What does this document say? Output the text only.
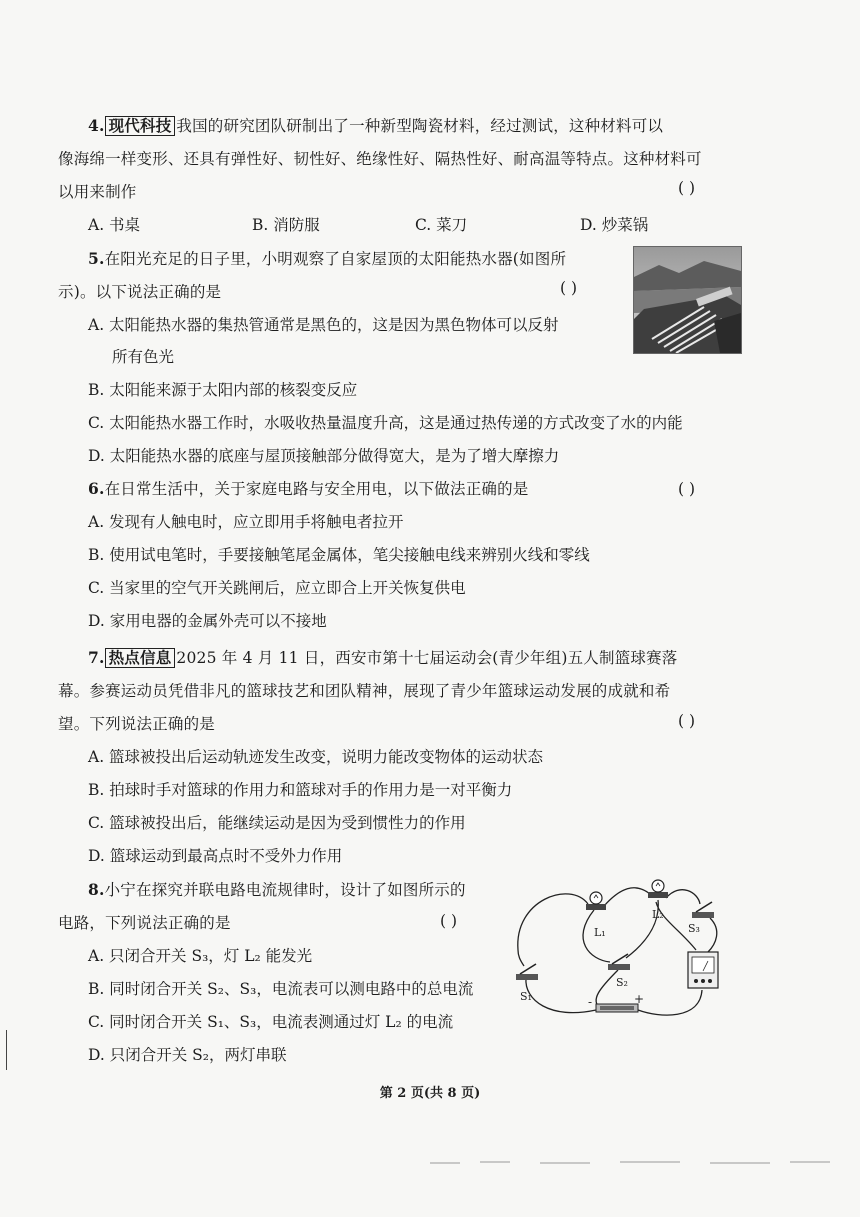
4. 现代科技 我国的研究团队研制出了一种新型陶瓷材料，经过测试，这种材料可以
像海绵一样变形、还具有弹性好、韧性好、绝缘性好、隔热性好、耐高温等特点。这种材料可
以用来制作	( )
A. 书桌	B. 消防服	C. 菜刀	D. 炒菜锅
5.在阳光充足的日子里，小明观察了自家屋顶的太阳能热水器(如图所
示)。以下说法正确的是	( )
A. 太阳能热水器的集热管通常是黑色的，这是因为黑色物体可以反射
所有色光
B. 太阳能来源于太阳内部的核裂变反应
C. 太阳能热水器工作时，水吸收热量温度升高，这是通过热传递的方式改变了水的内能
D. 太阳能热水器的底座与屋顶接触部分做得宽大，是为了增大摩擦力
6.在日常生活中，关于家庭电路与安全用电，以下做法正确的是	( )
A. 发现有人触电时，应立即用手将触电者拉开
B. 使用试电笔时，手要接触笔尾金属体，笔尖接触电线来辨别火线和零线
C. 当家里的空气开关跳闸后，应立即合上开关恢复供电
D. 家用电器的金属外壳可以不接地
7. 热点信息 2025 年 4 月 11 日，西安市第十七届运动会(青少年组)五人制篮球赛落
幕。参赛运动员凭借非凡的篮球技艺和团队精神，展现了青少年篮球运动发展的成就和希
望。下列说法正确的是	( )
A. 篮球被投出后运动轨迹发生改变，说明力能改变物体的运动状态
B. 拍球时手对篮球的作用力和篮球对手的作用力是一对平衡力
C. 篮球被投出后，能继续运动是因为受到惯性力的作用
D. 篮球运动到最高点时不受外力作用
8.小宁在探究并联电路电流规律时，设计了如图所示的
电路，下列说法正确的是	( )
A. 只闭合开关 S₃，灯 L₂ 能发光
B. 同时闭合开关 S₂、S₃，电流表可以测电路中的总电流
C. 同时闭合开关 S₁、S₃，电流表测通过灯 L₂ 的电流
D. 只闭合开关 S₂，两灯串联
L₁
L₂
S₃
S₂
S₁	-	+
第 2 页(共 8 页)
